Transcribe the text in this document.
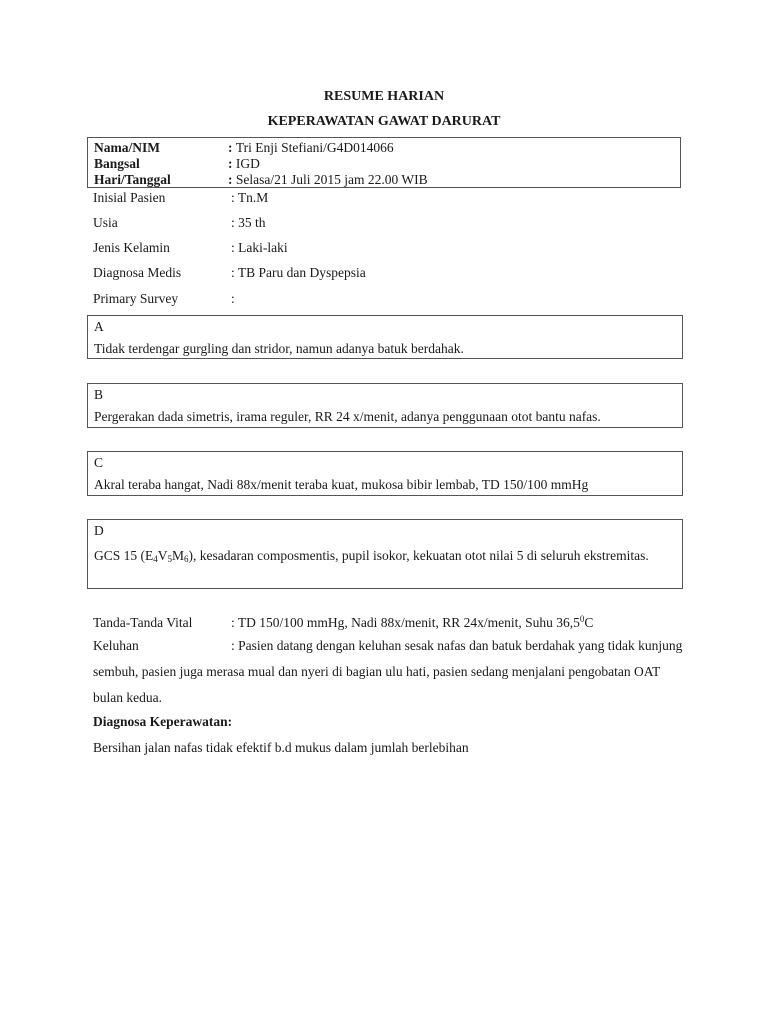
RESUME HARIAN
KEPERAWATAN GAWAT DARURAT
Nama/NIM	: Tri Enji Stefiani/G4D014066
Bangsal	: IGD
Hari/Tanggal	: Selasa/21 Juli 2015 jam 22.00 WIB
Inisial Pasien	: Tn.M
Usia	: 35 th
Jenis Kelamin	: Laki-laki
Diagnosa Medis	: TB Paru dan Dyspepsia
Primary Survey	:
A
Tidak terdengar gurgling dan stridor, namun adanya batuk berdahak.
B
Pergerakan dada simetris, irama reguler, RR 24 x/menit, adanya penggunaan otot bantu nafas.
C
Akral teraba hangat, Nadi 88x/menit teraba kuat, mukosa bibir lembab, TD 150/100 mmHg
D
GCS 15 $(E_4V_5M_6)$, kesadaran composmentis, pupil isokor, kekuatan otot nilai 5 di seluruh ekstremitas.
Tanda-Tanda Vital	: TD 150/100 mmHg, Nadi 88x/menit, RR 24x/menit, Suhu 36,5$^0$C
Keluhan	: Pasien datang dengan keluhan sesak nafas dan batuk berdahak yang tidak kunjung sembuh, pasien juga merasa mual dan nyeri di bagian ulu hati, pasien sedang menjalani pengobatan OAT bulan kedua.
Diagnosa Keperawatan:
Bersihan jalan nafas tidak efektif b.d mukus dalam jumlah berlebihan
